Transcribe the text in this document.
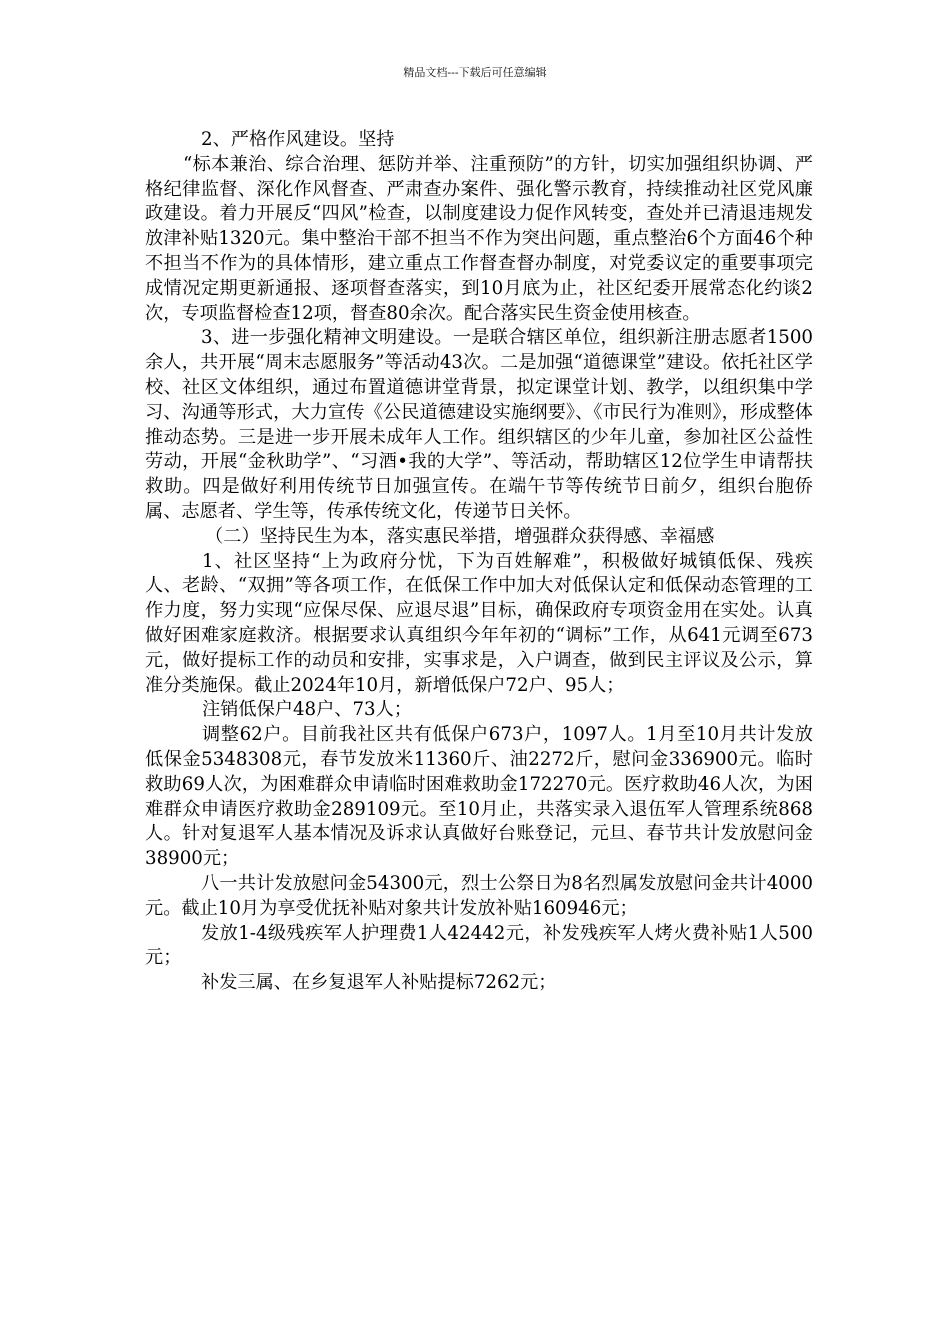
精品文档---下载后可任意编辑

2、严格作风建设。坚持

“标本兼治、综合治理、惩防并举、注重预防”的方针，切实加强组织协调、严格纪律监督、深化作风督查、严肃查办案件、强化警示教育，持续推动社区党风廉政建设。着力开展反“四风”检查，以制度建设力促作风转变，查处并已清退违规发放津补贴1320元。集中整治干部不担当不作为突出问题，重点整治6个方面46个种不担当不作为的具体情形，建立重点工作督查督办制度，对党委议定的重要事项完成情况定期更新通报、逐项督查落实，到10月底为止，社区纪委开展常态化约谈2次，专项监督检查12项，督查80余次。配合落实民生资金使用核查。

3、进一步强化精神文明建设。一是联合辖区单位，组织新注册志愿者1500余人，共开展“周末志愿服务”等活动43次。二是加强“道德课堂”建设。依托社区学校、社区文体组织，通过布置道德讲堂背景，拟定课堂计划、教学，以组织集中学习、沟通等形式，大力宣传《公民道德建设实施纲要》、《市民行为准则》，形成整体推动态势。三是进一步开展未成年人工作。组织辖区的少年儿童，参加社区公益性劳动，开展“金秋助学”、“习酒•我的大学”、等活动，帮助辖区12位学生申请帮扶救助。四是做好利用传统节日加强宣传。在端午节等传统节日前夕，组织台胞侨属、志愿者、学生等，传承传统文化，传递节日关怀。

（二）坚持民生为本，落实惠民举措，增强群众获得感、幸福感

1、社区坚持“上为政府分忧，下为百姓解难”，积极做好城镇低保、残疾人、老龄、“双拥”等各项工作，在低保工作中加大对低保认定和低保动态管理的工作力度，努力实现“应保尽保、应退尽退”目标，确保政府专项资金用在实处。认真做好困难家庭救济。根据要求认真组织今年年初的“调标”工作，从641元调至673元，做好提标工作的动员和安排，实事求是，入户调查，做到民主评议及公示，算准分类施保。截止2024年10月，新增低保户72户、95人；

注销低保户48户、73人；

调整62户。目前我社区共有低保户673户，1097人。1月至10月共计发放低保金5348308元，春节发放米11360斤、油2272斤，慰问金336900元。临时救助69人次，为困难群众申请临时困难救助金172270元。医疗救助46人次，为困难群众申请医疗救助金289109元。至10月止，共落实录入退伍军人管理系统868人。针对复退军人基本情况及诉求认真做好台账登记，元旦、春节共计发放慰问金38900元；

八一共计发放慰问金54300元，烈士公祭日为8名烈属发放慰问金共计4000元。截止10月为享受优抚补贴对象共计发放补贴160946元；

发放1-4级残疾军人护理费1人42442元，补发残疾军人烤火费补贴1人500元；

补发三属、在乡复退军人补贴提标7262元；
